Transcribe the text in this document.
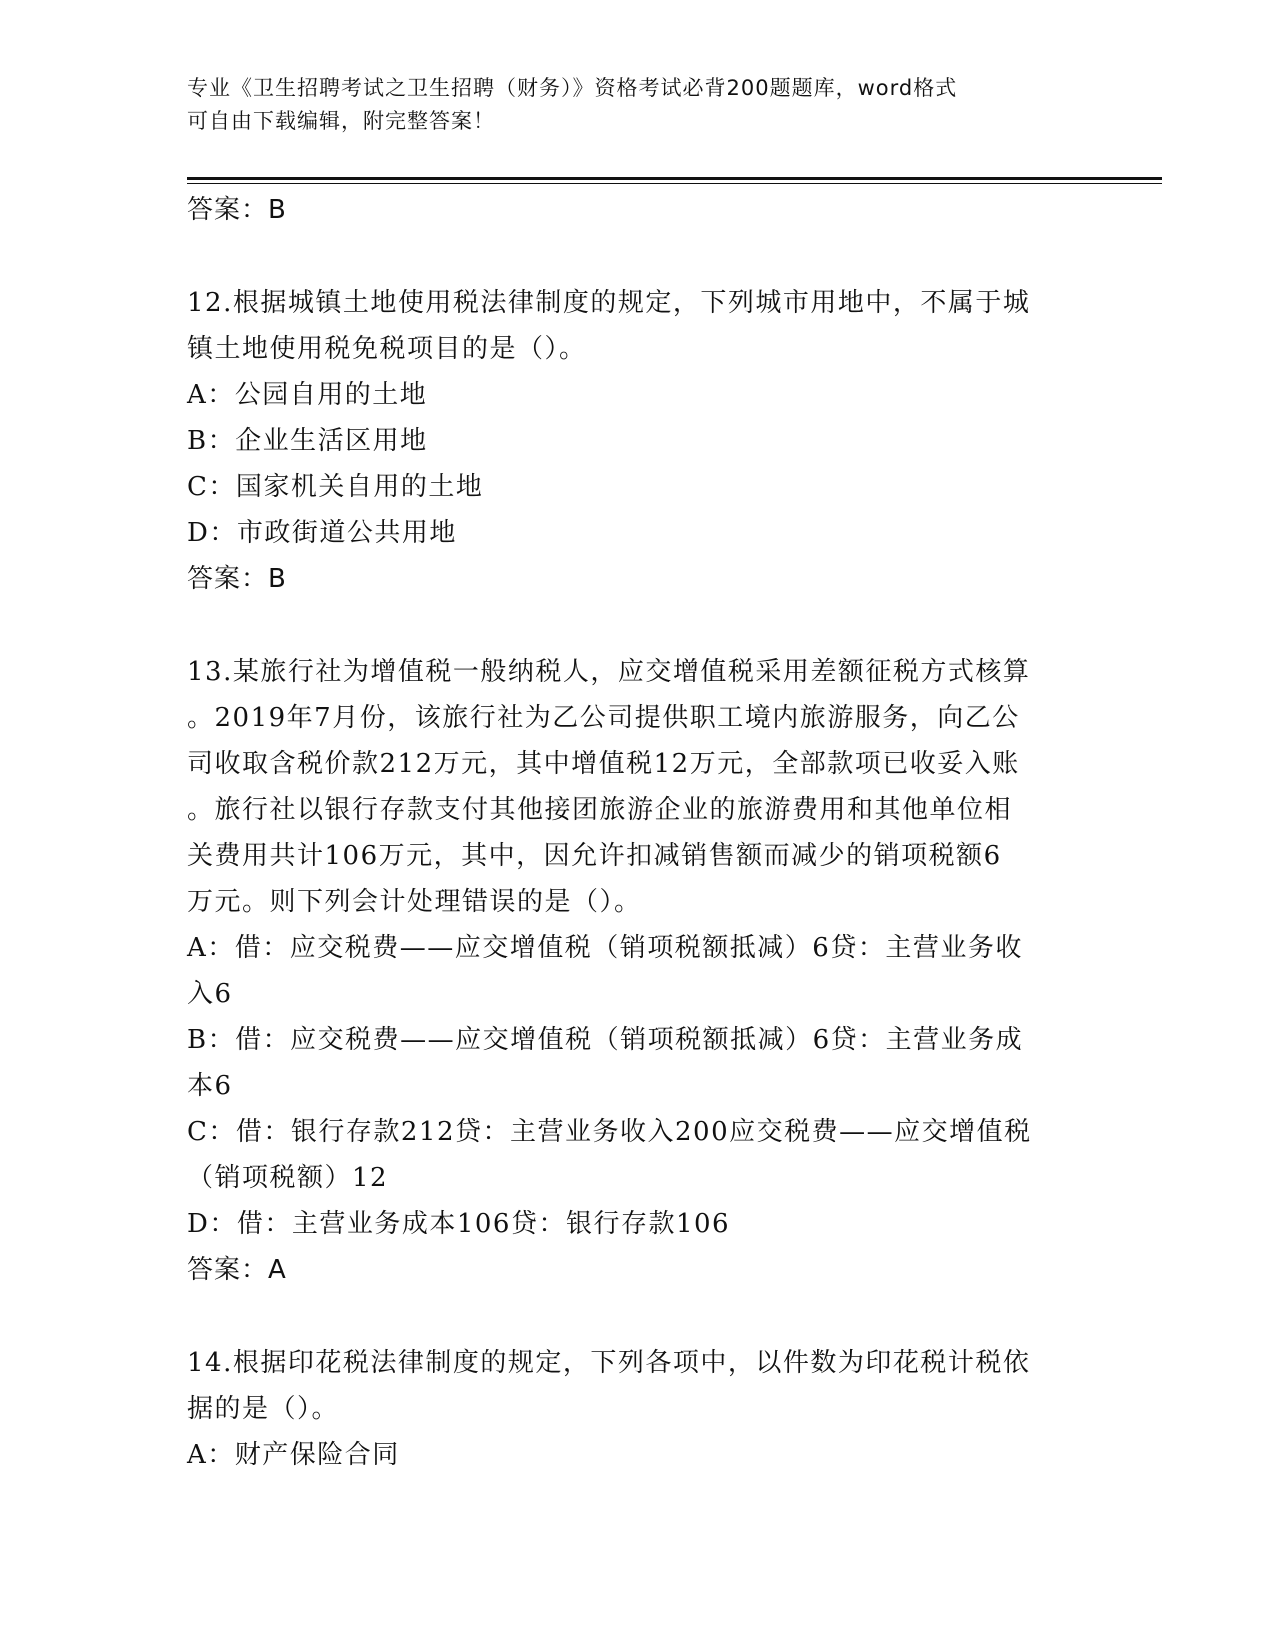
专业《卫生招聘考试之卫生招聘（财务）》资格考试必背200题题库，word格式
可自由下载编辑，附完整答案！
答案：B
12.根据城镇土地使用税法律制度的规定，下列城市用地中，不属于城
镇土地使用税免税项目的是（）。
A：公园自用的土地
B：企业生活区用地
C：国家机关自用的土地
D：市政街道公共用地
答案：B
13.某旅行社为增值税一般纳税人，应交增值税采用差额征税方式核算
。2019年7月份，该旅行社为乙公司提供职工境内旅游服务，向乙公
司收取含税价款212万元，其中增值税12万元，全部款项已收妥入账
。旅行社以银行存款支付其他接团旅游企业的旅游费用和其他单位相
关费用共计106万元，其中，因允许扣减销售额而减少的销项税额6
万元。则下列会计处理错误的是（）。
A：借：应交税费——应交增值税（销项税额抵减）6贷：主营业务收
入6
B：借：应交税费——应交增值税（销项税额抵减）6贷：主营业务成
本6
C：借：银行存款212贷：主营业务收入200应交税费——应交增值税
（销项税额）12
D：借：主营业务成本106贷：银行存款106
答案：A
14.根据印花税法律制度的规定，下列各项中，以件数为印花税计税依
据的是（）。
A：财产保险合同
